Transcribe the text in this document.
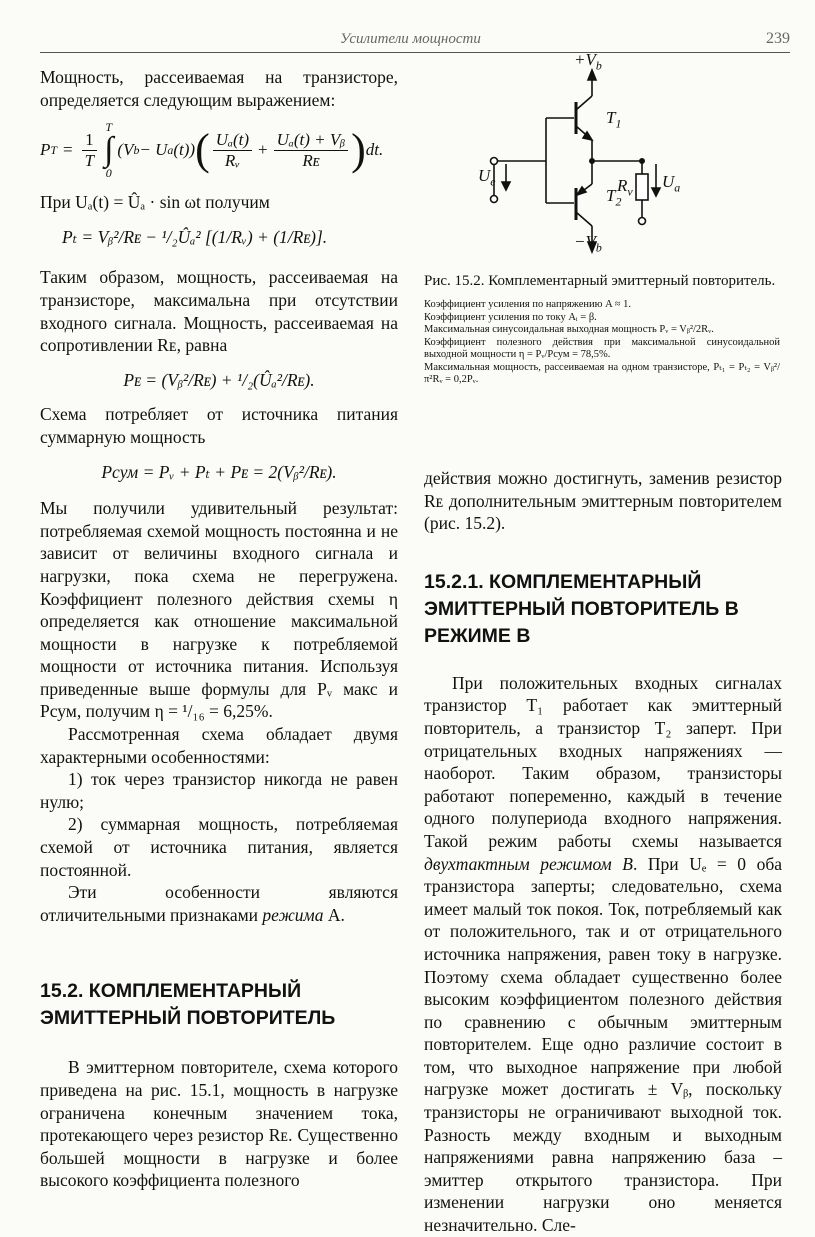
Усилители мощности	239

Мощность, рассеиваемая на транзисторе, определяется следующим выражением:

P $T = \frac{1}{T}$
T
∫
0
(V b − U a (t)) ( $\frac{\text{Uₐ(t)}}{\text{Rᵥ}} + \frac{\text{Uₐ(t) + Vᵦ}}{\text{Rᴇ}}$ ) dt.

При Uₐ(t) = Ûₐ · sin ωt получим

Pₜ = Vᵦ²/Rᴇ − ¹/₂Ûₐ² [(1/Rᵥ) + (1/Rᴇ)].

Таким образом, мощность, рассеиваемая на транзисторе, максимальна при отсутствии входного сигнала. Мощность, рассеиваемая на сопротивлении Rᴇ, равна

Pᴇ = (Vᵦ²/Rᴇ) + ¹/₂(Ûₐ²/Rᴇ).

Схема потребляет от источника питания суммарную мощность

Pсум = Pᵥ + Pₜ + Pᴇ = 2(Vᵦ²/Rᴇ).

Мы получили удивительный результат: потребляемая схемой мощность постоянна и не зависит от величины входного сигнала и нагрузки, пока схема не перегружена. Коэффициент полезного действия схемы η определяется как отношение максимальной мощности в нагрузке к потребляемой мощности от источника питания. Используя приведенные выше формулы для Pᵥ макс и Pсум, получим η = ¹/₁₆ = 6,25%.

Рассмотренная схема обладает двумя характерными особенностями:

1) ток через транзистор никогда не равен нулю;

2) суммарная мощность, потребляемая схемой от источника питания, является постоянной.

Эти особенности являются отличительными признаками режима А.

15.2. КОМПЛЕМЕНТАРНЫЙ ЭМИТТЕРНЫЙ ПОВТОРИТЕЛЬ

В эмиттерном повторителе, схема которого приведена на рис. 15.1, мощность в нагрузке ограничена конечным значением тока, протекающего через резистор Rᴇ. Существенно большей мощности в нагрузке и более высокого коэффициента полезного

$+V_b$
$T_1$
$T_2$
$-V_b$
$U_e$	$R_v$
$U_a$

Рис. 15.2. Комплементарный эмиттерный повторитель.

Коэффициент усиления по напряжению A ≈ 1.

Коэффициент усиления по току Aᵢ = β.

Максимальная синусоидальная выходная мощность Pᵥ = Vᵦ²/2Rᵥ.

Коэффициент полезного действия при максимальной синусоидальной выходной мощности η = Pᵥ/Pсум = 78,5%.

Максимальная мощность, рассеиваемая на одном транзисторе, Pₜ₁ = Pₜ₂ = Vᵦ²/π²Rᵥ = 0,2Pᵥ.

действия можно достигнуть, заменив резистор Rᴇ дополнительным эмиттерным повторителем (рис. 15.2).

15.2.1. КОМПЛЕМЕНТАРНЫЙ ЭМИТТЕРНЫЙ ПОВТОРИТЕЛЬ В РЕЖИМЕ B

При положительных входных сигналах транзистор T₁ работает как эмиттерный повторитель, а транзистор T₂ заперт. При отрицательных входных напряжениях — наоборот. Таким образом, транзисторы работают попеременно, каждый в течение одного полупериода входного напряжения. Такой режим работы схемы называется двухтактным режимом B. При Uₑ = 0 оба транзистора заперты; следовательно, схема имеет малый ток покоя. Ток, потребляемый как от положительного, так и от отрицательного источника напряжения, равен току в нагрузке. Поэтому схема обладает существенно более высоким коэффициентом полезного действия по сравнению с обычным эмиттерным повторителем. Еще одно различие состоит в том, что выходное напряжение при любой нагрузке может достигать ± Vᵦ, поскольку транзисторы не ограничивают выходной ток. Разность между входным и выходным напряжениями равна напряжению база – эмиттер открытого транзистора. При изменении нагрузки оно меняется незначительно. Сле-
